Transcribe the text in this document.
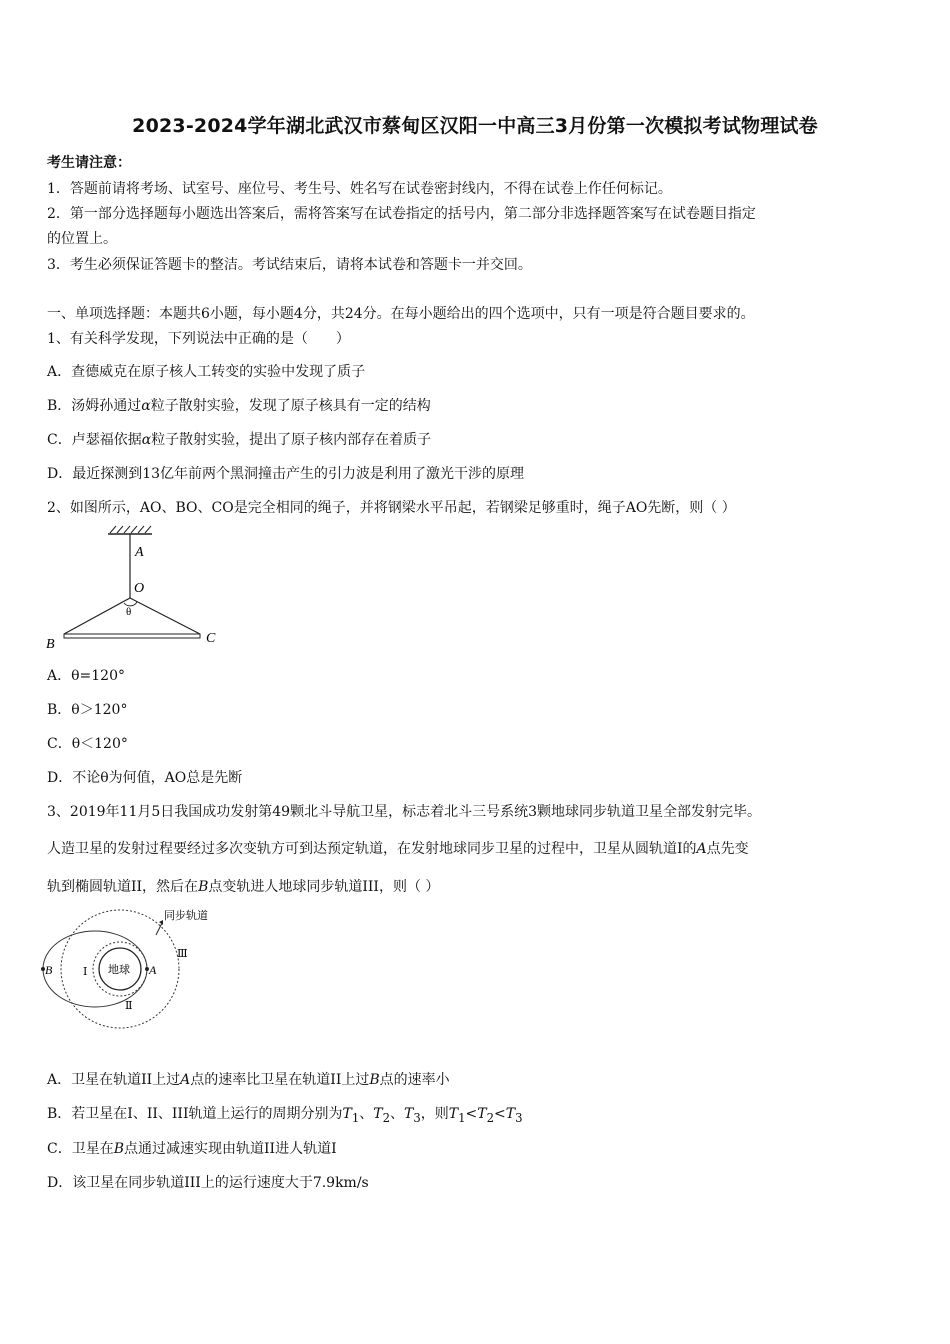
2023-2024学年湖北武汉市蔡甸区汉阳一中高三3月份第一次模拟考试物理试卷
考生请注意：
1．答题前请将考场、试室号、座位号、考生号、姓名写在试卷密封线内，不得在试卷上作任何标记。
2．第一部分选择题每小题选出答案后，需将答案写在试卷指定的括号内，第二部分非选择题答案写在试卷题目指定
的位置上。
3．考生必须保证答题卡的整洁。考试结束后，请将本试卷和答题卡一并交回。
一、单项选择题：本题共6小题，每小题4分，共24分。在每小题给出的四个选项中，只有一项是符合题目要求的。
1、有关科学发现，下列说法中正确的是（　　）
A．查德威克在原子核人工转变的实验中发现了质子
B．汤姆孙通过α粒子散射实验，发现了原子核具有一定的结构
C．卢瑟福依据α粒子散射实验，提出了原子核内部存在着质子
D．最近探测到13亿年前两个黑洞撞击产生的引力波是利用了激光干涉的原理
2、如图所示，AO、BO、CO是完全相同的绳子，并将钢梁水平吊起，若钢梁足够重时，绳子AO先断，则（ ）
A
O
θ
B	C
A．θ=120°
B．θ＞120°
C．θ＜120°
D．不论θ为何值，AO总是先断
3、2019年11月5日我国成功发射第49颗北斗导航卫星，标志着北斗三号系统3颗地球同步轨道卫星全部发射完毕。
人造卫星的发射过程要经过多次变轨方可到达预定轨道，在发射地球同步卫星的过程中，卫星从圆轨道I的A点先变
轨到椭圆轨道II，然后在B点变轨进人地球同步轨道III，则（ ）
同步轨道
Ⅲ
Ⅰ
Ⅱ
地球 A
B
A．卫星在轨道II上过A点的速率比卫星在轨道II上过B点的速率小
B．若卫星在I、II、III轨道上运行的周期分别为$T_1$、$T_2$、$T_3$，则$T_1<T_2<T_3$
C．卫星在B点通过减速实现由轨道II进人轨道I
D．该卫星在同步轨道III上的运行速度大于7.9km/s
